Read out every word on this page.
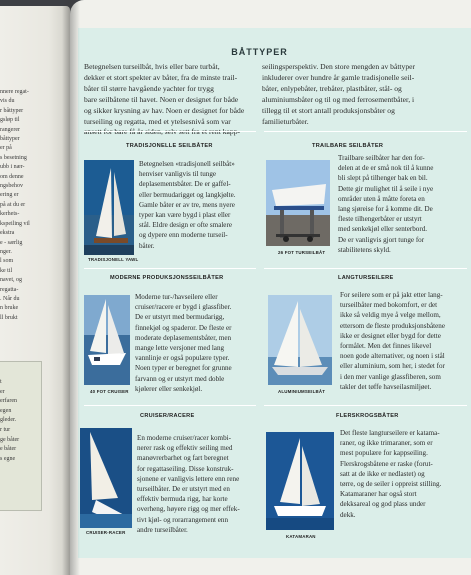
nnere regat-
vis du
r båttyper
gsløp til
rangerer
båttyper
er på
s besetning
ubb i nær-
om denne
ngsbehov
ering er
på at du er
kerhets-
kspeiling vil
ekstra
e - særlig
nger.
l som
ke til
navet, og
regatta-
. Når du
n bruke
ll brukt
t
er
erfaren
egen
gleder.
r tur
ge båter
e båter
s egne
BÅTTYPER
Betegnelsen turseilbåt, hvis eller bare turbåt,
dekker et stort spekter av båter, fra de minste trail-
båter til større havgående yachter for trygg
bare seilbåtene til havet. Noen er designet for både
og sikker krysning av hav. Noen er designet for både
turseiling og regatta, med et ytelsesnivå som var
seilingsperspektiv. Den store mengden av båttyper
inkluderer over hundre år gamle tradisjonelle seil-
båter, enlypebåter, trebåter, plastbåter, stål- og
aluminiumsbåter og til og med ferrosementbåter, i
tillegg til et stort antall produksjonsbåter og
familieturbåter.
TRADISJONELLE SEILBÅTER
TRADISJONELL YAWL
Betegnelsen «tradisjonell seilbåt»
henviser vanligvis til tunge
deplasementsbåter. De er gaffel-
eller bermudarigget og langkjølte.
Gamle båter er av tre, mens nyere
typer kan være bygd i plast eller
stål. Eldre design er ofte smalere
og dypere enn moderne turseil-
båter.
TRAILBARE SEILBÅTER
26 FOT TURSEILBÅT
Trailbare seilbåter har den for-
delen at de er små nok til å kunne
bli slept på tilhenger bak en bil.
Dette gir mulighet til å seile i nye
områder uten å måtte foreta en
lang sjøreise for å komme dit. De
fleste tilhengerbåter er utstyrt
med senkekjøl eller senterbord.
De er vanligvis gjort tunge for
stabilitetens skyld.
MODERNE PRODUKSJONSSEILBÅTER
40 FOT CRUISER
Moderne tur-/havseilere eller
cruiser/racere er bygd i glassfiber.
De er utstyrt med bermudarigg,
finnekjøl og spaderor. De fleste er
moderate deplasementsbåter, men
mange lette versjoner med lang
vannlinje er også populære typer.
Noen typer er beregnet for grunne
farvann og er utstyrt med doble
kjølerer eller senkekjøl.
LANGTURSEILERE
ALUMINIUMSEILBÅT
For seilere som er på jakt etter lang-
turseilbåter med bokomfort, er det
ikke så veldig mye å velge mellom,
ettersom de fleste produksjonsbåtene
ikke er designet eller bygd for dette
formålet. Men det finnes likevel
noen gode alternativer, og noen i stål
eller aluminium, som her, i stedet for
i den mer vanlige glassfiberen, som
takler det tøffe havseilasmiljøet.
CRUISER/RACERE
CRUISER-RACER
En moderne cruiser/racer kombi-
nerer rask og effektiv seiling med
manøvrerbarhet og fart beregnet
for regattaseiling. Disse konstruk-
sjonene er vanligvis lettere enn rene
turseilbåter. De er utstyrt med en
effektiv bermuda rigg, har korte
overheng, høyere rigg og mer effek-
tivt kjøl- og rorarrangement enn
andre turseilbåter.
FLERSKROGSBÅTER
KATAMARAN
Det fleste langturseilere er katama-
raner, og ikke trimaraner, som er
mest populære for kappseiling.
Flerskrogsbåtene er raske (forut-
satt at de ikke er nedlastet) og
tørre, og de seiler i oppreist stilling.
Katamaraner har også stort
dekksareal og god plass under
dekk.
